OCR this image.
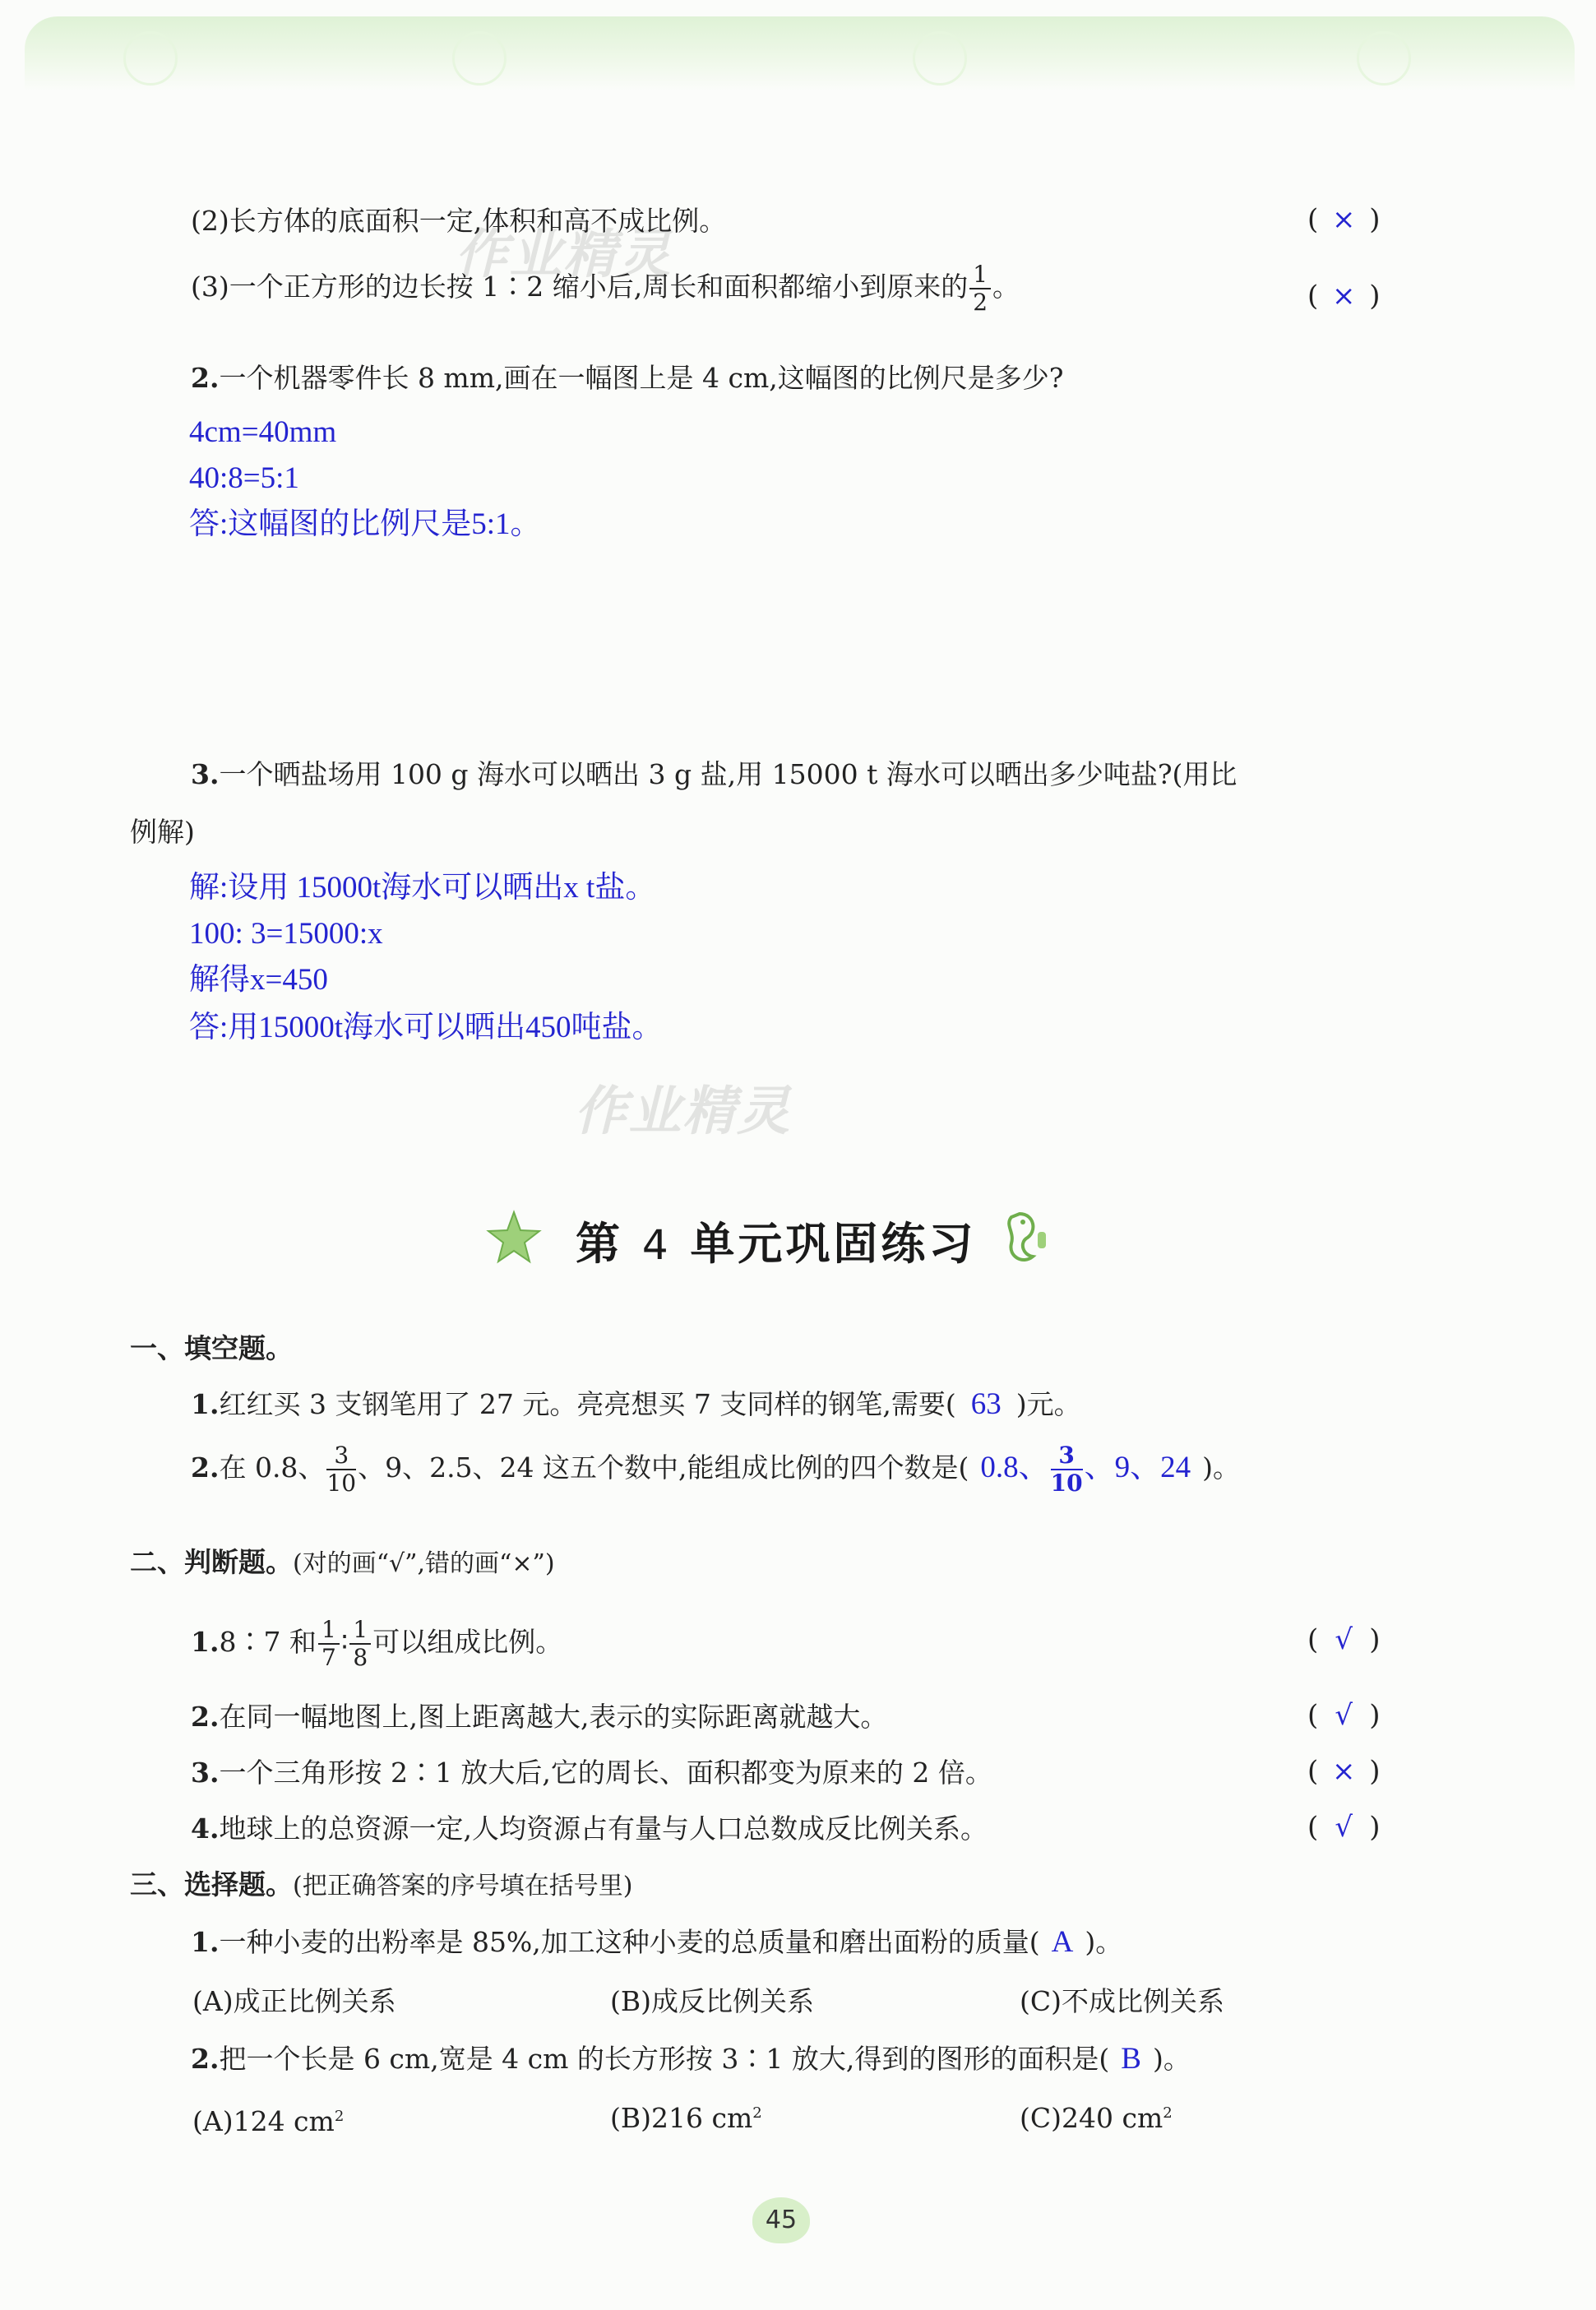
作业精灵
作业精灵
(2)长方体的底面积一定,体积和高不成比例。	( × )
(3)一个正方形的边长按 1∶2 缩小后,周长和面积都缩小到原来的 $\frac{1}{2}$ 。	( × )
2.一个机器零件长 8 mm,画在一幅图上是 4 cm,这幅图的比例尺是多少?
4cm=40mm
40:8=5:1
答:这幅图的比例尺是5:1。
3.一个晒盐场用 100 g 海水可以晒出 3 g 盐,用 15000 t 海水可以晒出多少吨盐?(用比
例解)
解:设用 15000t海水可以晒出x t盐。
100: 3=15000:x
解得x=450
答:用15000t海水可以晒出450吨盐。
第 4 单元巩固练习
一、填空题。
1.红红买 3 支钢笔用了 27 元。亮亮想买 7 支同样的钢笔,需要( 63 )元。
2.在 0.8、 $\frac{3}{10}$ 、9、2.5、24 这五个数中,能组成比例的四个数是( 0.8、 $\frac{3}{10}$ 、9、24 )。
二、判断题。(对的画“√”,错的画“×”)
1.8∶7 和 $\frac{1}{7}$ ∶ $\frac{1}{8}$ 可以组成比例。	( √ )
2.在同一幅地图上,图上距离越大,表示的实际距离就越大。	( √ )
3.一个三角形按 2∶1 放大后,它的周长、面积都变为原来的 2 倍。	( × )
4.地球上的总资源一定,人均资源占有量与人口总数成反比例关系。	( √ )
三、选择题。(把正确答案的序号填在括号里)
1.一种小麦的出粉率是 85%,加工这种小麦的总质量和磨出面粉的质量( A )。
(A)成正比例关系	(B)成反比例关系	(C)不成比例关系
2.把一个长是 6 cm,宽是 4 cm 的长方形按 3∶1 放大,得到的图形的面积是( B )。
(A)124 $cm^2$	(B)216 $cm^2$	(C)240 $cm^2$
45
